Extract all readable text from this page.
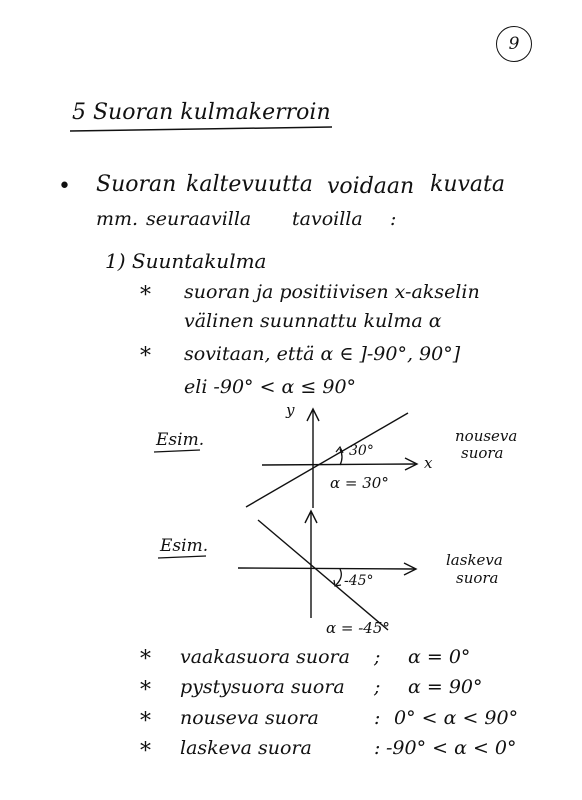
9
5 Suoran kulmakerroin
• Suoran kaltevuutta voidaan kuvata
mm. seuraavilla tavoilla :
1) Suuntakulma
* suoran ja positiivisen x-akselin
välinen suunnattu kulma α
* sovitaan, että α ∈ ]-90°, 90°]
eli -90° < α ≤ 90°
Esim.
y
x
30°
α = 30°
nouseva
suora
Esim.
-45°
α = -45°
laskeva
suora
* vaakasuora suora ; α = 0°
* pystysuora suora ; α = 90°
* nouseva suora	: 0° < α < 90°
* laskeva suora	: -90° < α < 0°
